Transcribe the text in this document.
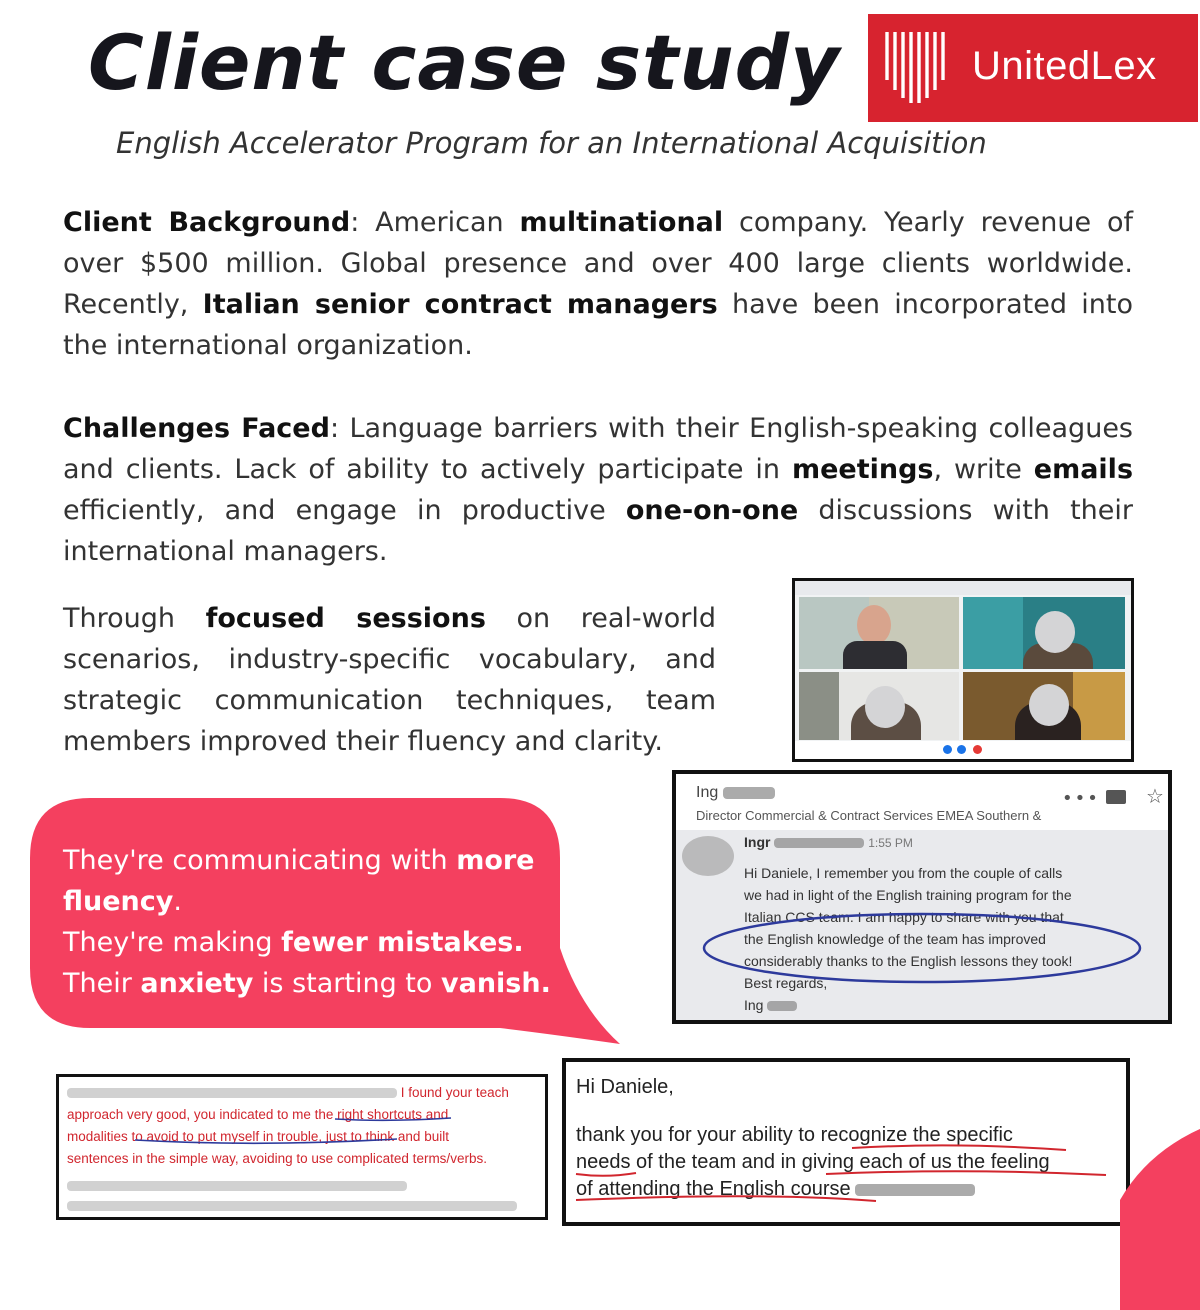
Client case study	UnitedLex
English Accelerator Program for an International Acquisition
Client Background: American multinational company. Yearly revenue of over $500 million. Global presence and over 400 large clients worldwide. Recently, Italian senior contract managers have been incorporated into the international organization.
Challenges Faced: Language barriers with their English-speaking colleagues and clients. Lack of ability to actively participate in meetings, write emails efficiently, and engage in productive one-on-one discussions with their international managers.
Through focused sessions on real-world scenarios, industry-specific vocabulary, and strategic communication techniques, team members improved their fluency and clarity.
Ing
Director Commercial & Contract Services EMEA Southern &
••• ☆
Ingr	1:55 PM
Hi Daniele, I remember you from the couple of calls
we had in light of the English training program for the
Italian CCS team. I am happy to share with you that
the English knowledge of the team has improved
considerably thanks to the English lessons they took!
Best regards,
Ing
They're communicating with more fluency.
They're making fewer mistakes.
Their anxiety is starting to vanish.
I found your teach
approach very good, you indicated to me the right shortcuts and
modalities to avoid to put myself in trouble, just to think and built
sentences in the simple way, avoiding to use complicated terms/verbs.
Hi Daniele,
thank you for your ability to recognize the specific
needs of the team and in giving each of us the feeling
of attending the English course
